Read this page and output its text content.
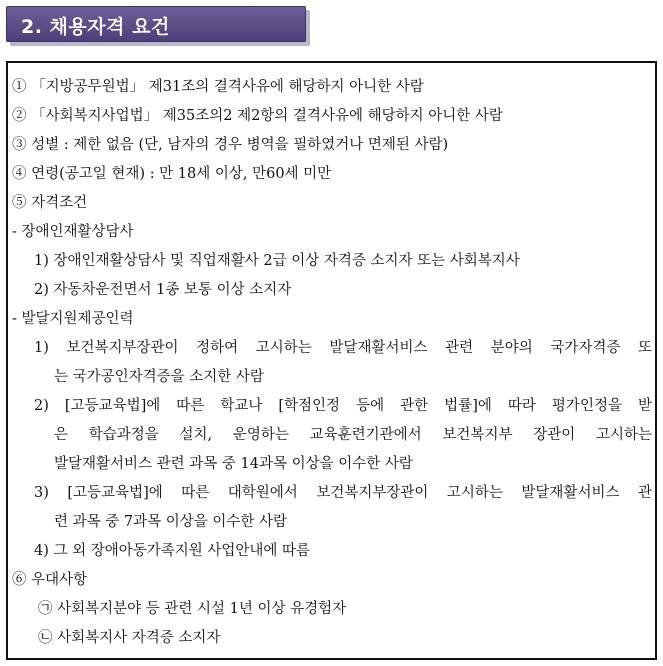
2. 채용자격 요건
① 「지방공무원법」 제31조의 결격사유에 해당하지 아니한 사람
② 「사회복지사업법」 제35조의2 제2항의 결격사유에 해당하지 아니한 사람
③ 성별 : 제한 없음 (단, 남자의 경우 병역을 필하였거나 면제된 사람)
④ 연령(공고일 현재) : 만 18세 이상, 만60세 미만
⑤ 자격조건
- 장애인재활상담사
1) 장애인재활상담사 및 직업재활사 2급 이상 자격증 소지자 또는 사회복지사
2) 자동차운전면서 1종 보통 이상 소지자
- 발달지원제공인력
1) 보건복지부장관이 정하여 고시하는 발달재활서비스 관련 분야의 국가자격증 또
는 국가공인자격증을 소지한 사람
2) [고등교육법]에 따른 학교나 [학점인정 등에 관한 법률]에 따라 평가인정을 받
은 학습과정을 설치, 운영하는 교육훈련기관에서 보건복지부 장관이 고시하는
발달재활서비스 관련 과목 중 14과목 이상을 이수한 사람
3) [고등교육법]에 따른 대학원에서 보건복지부장관이 고시하는 발달재활서비스 관
련 과목 중 7과목 이상을 이수한 사람
4) 그 외 장애아동가족지원 사업안내에 따름
⑥ 우대사항
㉠ 사회복지분야 등 관련 시설 1년 이상 유경험자
㉡ 사회복지사 자격증 소지자
